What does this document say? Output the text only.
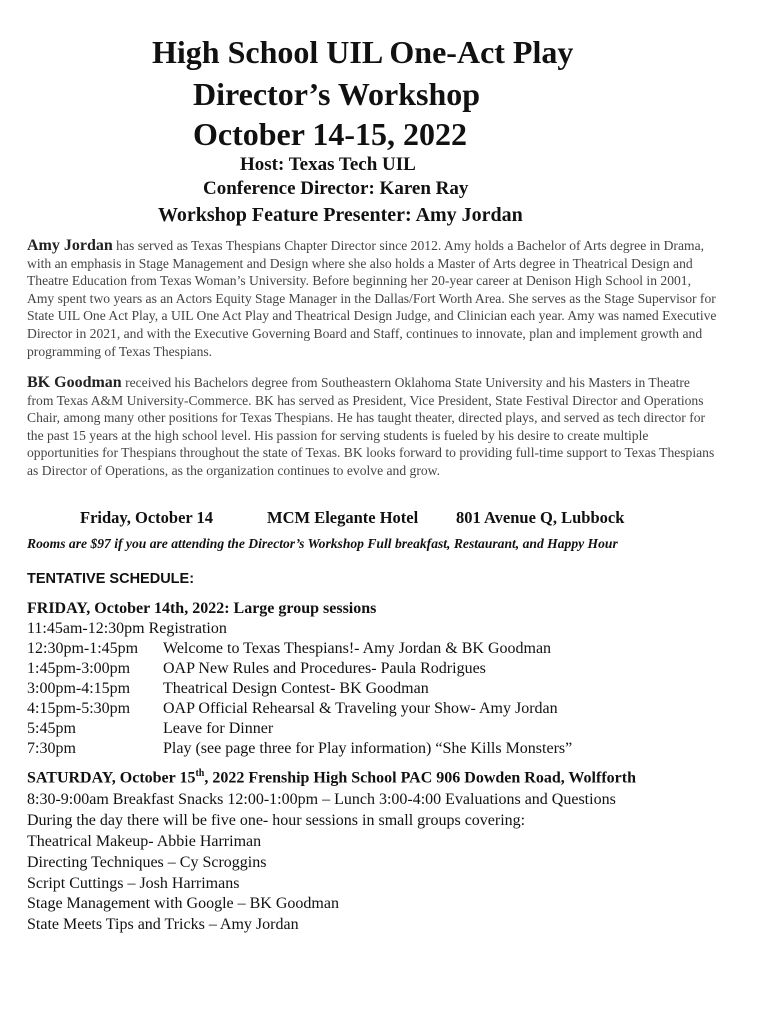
High School UIL One-Act Play
Director’s Workshop
October 14-15, 2022
Host: Texas Tech UIL
Conference Director: Karen Ray
Workshop Feature Presenter: Amy Jordan
Amy Jordan has served as Texas Thespians Chapter Director since 2012. Amy holds a Bachelor of Arts degree in Drama, with an emphasis in Stage Management and Design where she also holds a Master of Arts degree in Theatrical Design and Theatre Education from Texas Woman’s University. Before beginning her 20-year career at Denison High School in 2001, Amy spent two years as an Actors Equity Stage Manager in the Dallas/Fort Worth Area. She serves as the Stage Supervisor for State UIL One Act Play, a UIL One Act Play and Theatrical Design Judge, and Clinician each year. Amy was named Executive Director in 2021, and with the Executive Governing Board and Staff, continues to innovate, plan and implement growth and programming of Texas Thespians.
BK Goodman received his Bachelors degree from Southeastern Oklahoma State University and his Masters in Theatre from Texas A&M University-Commerce. BK has served as President, Vice President, State Festival Director and Operations Chair, among many other positions for Texas Thespians. He has taught theater, directed plays, and served as tech director for the past 15 years at the high school level. His passion for serving students is fueled by his desire to create multiple opportunities for Thespians throughout the state of Texas. BK looks forward to providing full-time support to Texas Thespians as Director of Operations, as the organization continues to evolve and grow.
Friday, October 14	MCM Elegante Hotel 801 Avenue Q, Lubbock
Rooms are $97 if you are attending the Director’s Workshop Full breakfast, Restaurant, and Happy Hour
TENTATIVE SCHEDULE:
FRIDAY, October 14th, 2022: Large group sessions
11:45am-12:30pm Registration
12:30pm-1:45pm Welcome to Texas Thespians!- Amy Jordan & BK Goodman
1:45pm-3:00pm OAP New Rules and Procedures- Paula Rodrigues
3:00pm-4:15pm Theatrical Design Contest- BK Goodman
4:15pm-5:30pm OAP Official Rehearsal & Traveling your Show- Amy Jordan
5:45pm	Leave for Dinner
7:30pm	Play (see page three for Play information) “She Kills Monsters”
SATURDAY, October 15th, 2022 Frenship High School PAC 906 Dowden Road, Wolfforth
8:30-9:00am Breakfast Snacks 12:00-1:00pm – Lunch 3:00-4:00 Evaluations and Questions
During the day there will be five one- hour sessions in small groups covering:
Theatrical Makeup- Abbie Harriman
Directing Techniques – Cy Scroggins
Script Cuttings – Josh Harrimans
Stage Management with Google – BK Goodman
State Meets Tips and Tricks – Amy Jordan
